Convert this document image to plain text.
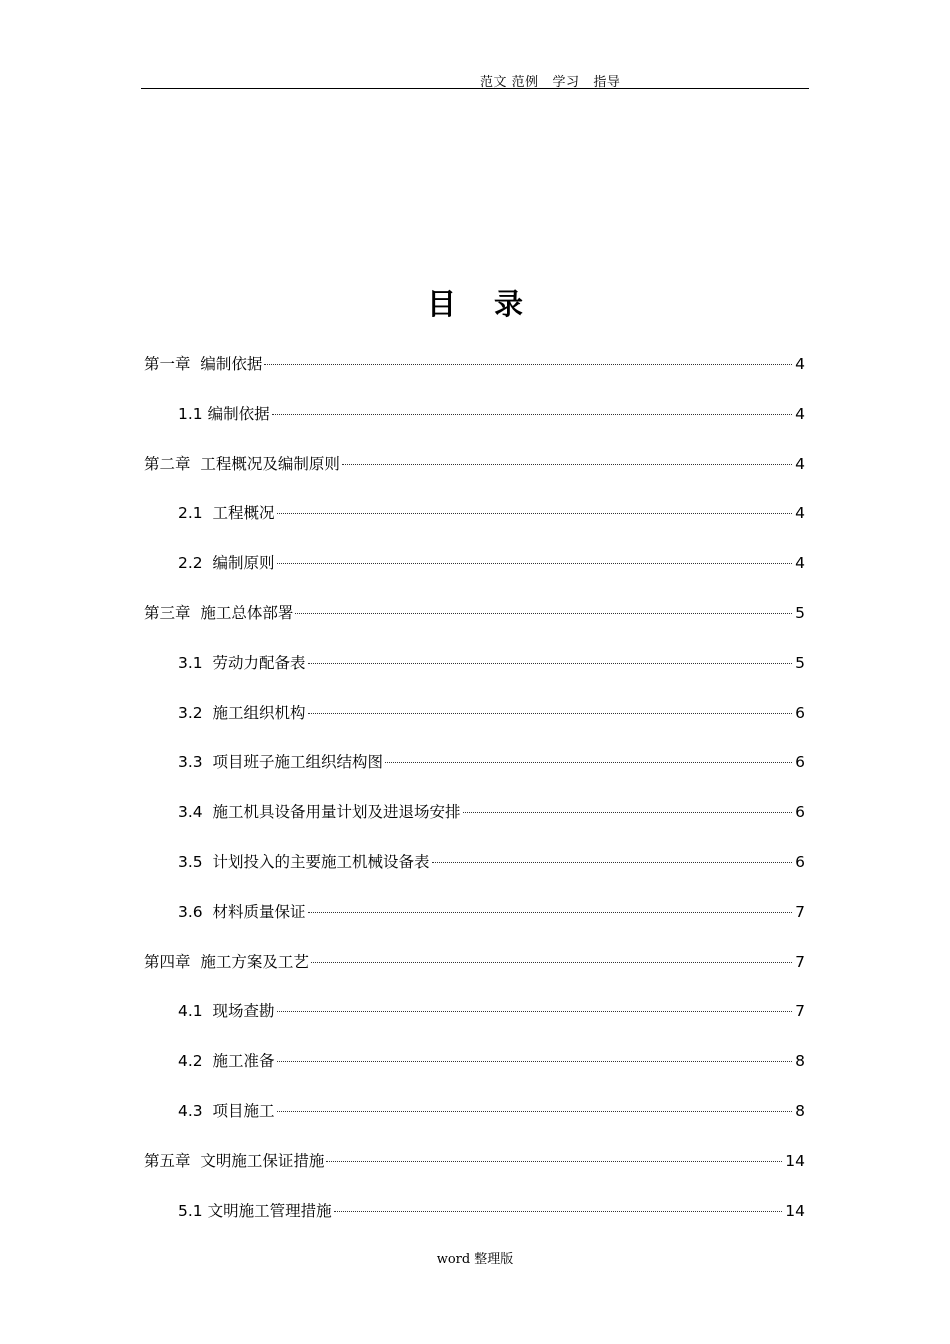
范文 范例   学习   指导
目录
第一章  编制依据	4
1.1 编制依据	4
第二章  工程概况及编制原则	4
2.1  工程概况	4
2.2  编制原则	4
第三章  施工总体部署	5
3.1  劳动力配备表	5
3.2  施工组织机构	6
3.3  项目班子施工组织结构图	6
3.4  施工机具设备用量计划及进退场安排	6
3.5  计划投入的主要施工机械设备表	6
3.6  材料质量保证	7
第四章  施工方案及工艺	7
4.1  现场查勘	7
4.2  施工准备	8
4.3  项目施工	8
第五章  文明施工保证措施	14
5.1 文明施工管理措施	14
word 整理版
